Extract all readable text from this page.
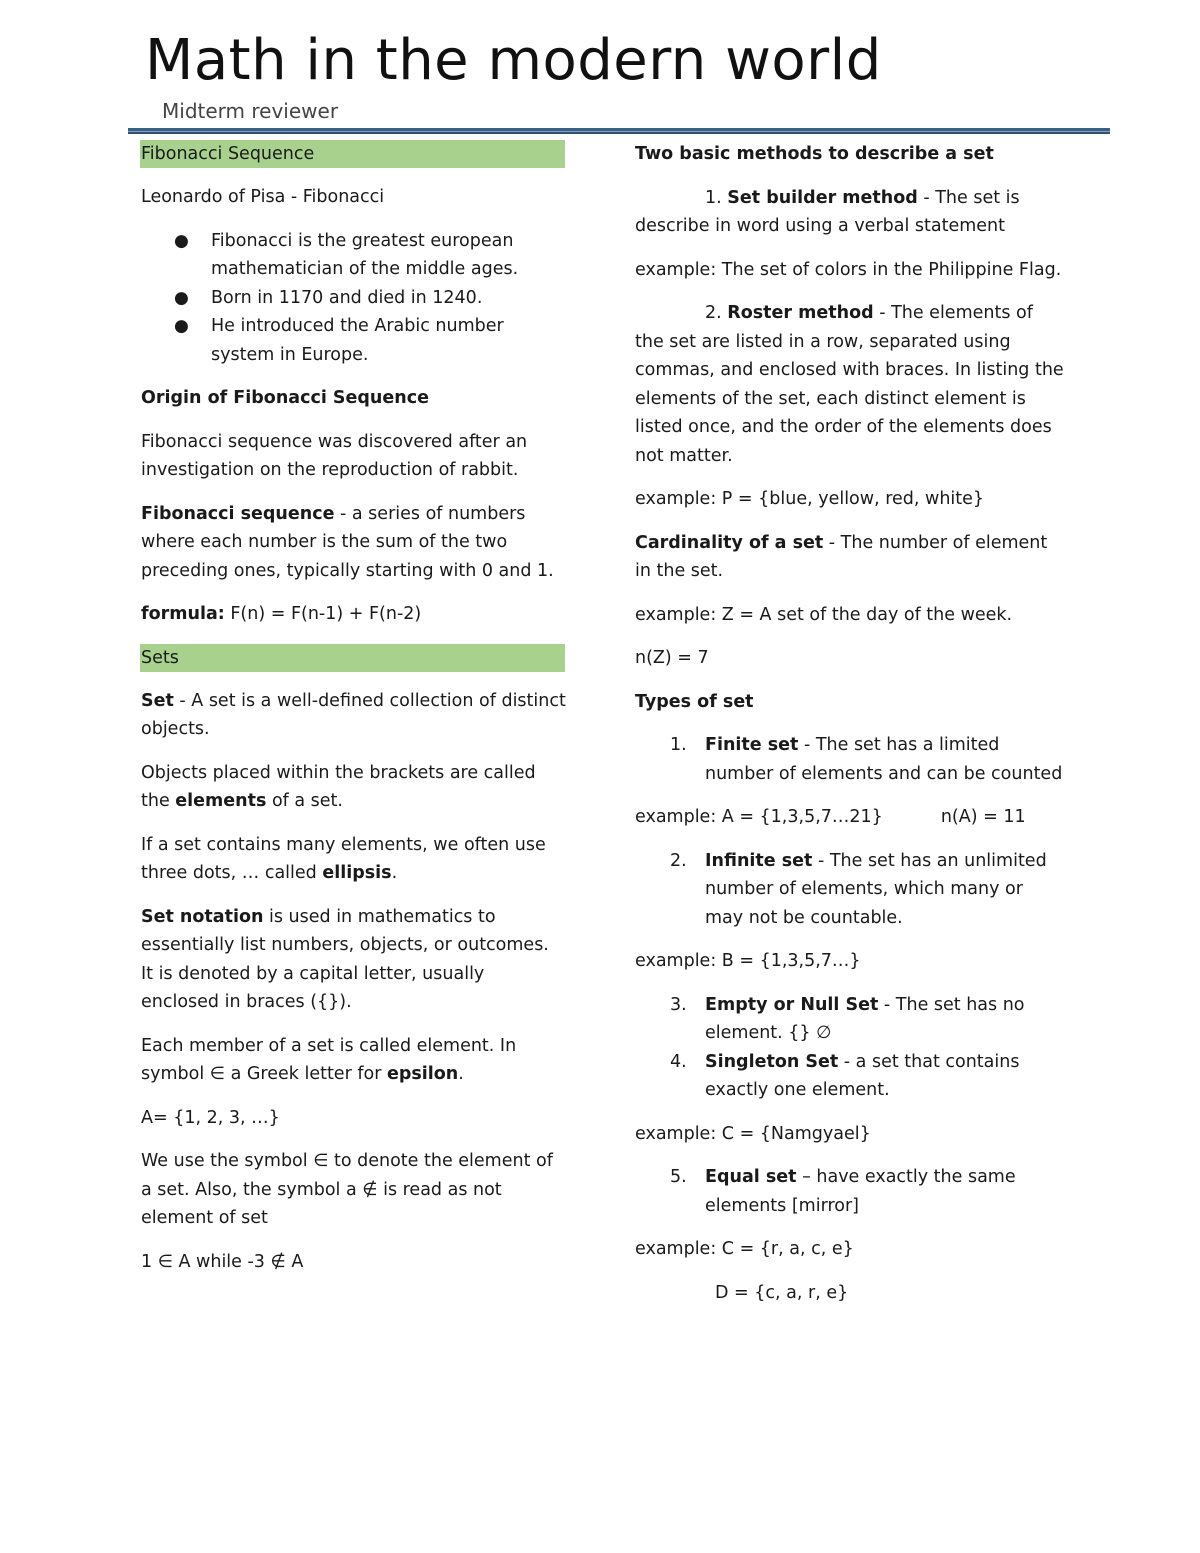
Math in the modern world
Midterm reviewer
Fibonacci Sequence

Leonardo of Pisa - Fibonacci

● Fibonacci is the greatest european mathematician of the middle ages.
● Born in 1170 and died in 1240.
● He introduced the Arabic number system in Europe.

Origin of Fibonacci Sequence

Fibonacci sequence was discovered after an investigation on the reproduction of rabbit.

Fibonacci sequence - a series of numbers where each number is the sum of the two preceding ones, typically starting with 0 and 1.

formula: F(n) = F(n-1) + F(n-2)

Sets

Set - A set is a well-defined collection of distinct objects.

Objects placed within the brackets are called the elements of a set.

If a set contains many elements, we often use three dots, … called ellipsis.

Set notation is used in mathematics to essentially list numbers, objects, or outcomes. It is denoted by a capital letter, usually enclosed in braces ({}).

Each member of a set is called element. In symbol ∈ a Greek letter for epsilon.

A= {1, 2, 3, …}

We use the symbol ∈ to denote the element of a set. Also, the symbol a ∉ is read as not element of set

1 ∈ A while -3 ∉ A

Two basic methods to describe a set

1. Set builder method - The set is describe in word using a verbal statement

example: The set of colors in the Philippine Flag.

2. Roster method - The elements of the set are listed in a row, separated using commas, and enclosed with braces. In listing the elements of the set, each distinct element is listed once, and the order of the elements does not matter.

example: P = {blue, yellow, red, white}

Cardinality of a set - The number of element in the set.

example: Z = A set of the day of the week.

n(Z) = 7

Types of set

1. Finite set - The set has a limited number of elements and can be counted

example: A = {1,3,5,7…21}	n(A) = 11

2. Infinite set - The set has an unlimited number of elements, which many or may not be countable.

example: B = {1,3,5,7…}

3. Empty or Null Set - The set has no element. {} ∅
4. Singleton Set - a set that contains exactly one element.

example: C = {Namgyael}

5. Equal set – have exactly the same elements [mirror]

example: C = {r, a, c, e}

D = {c, a, r, e}
